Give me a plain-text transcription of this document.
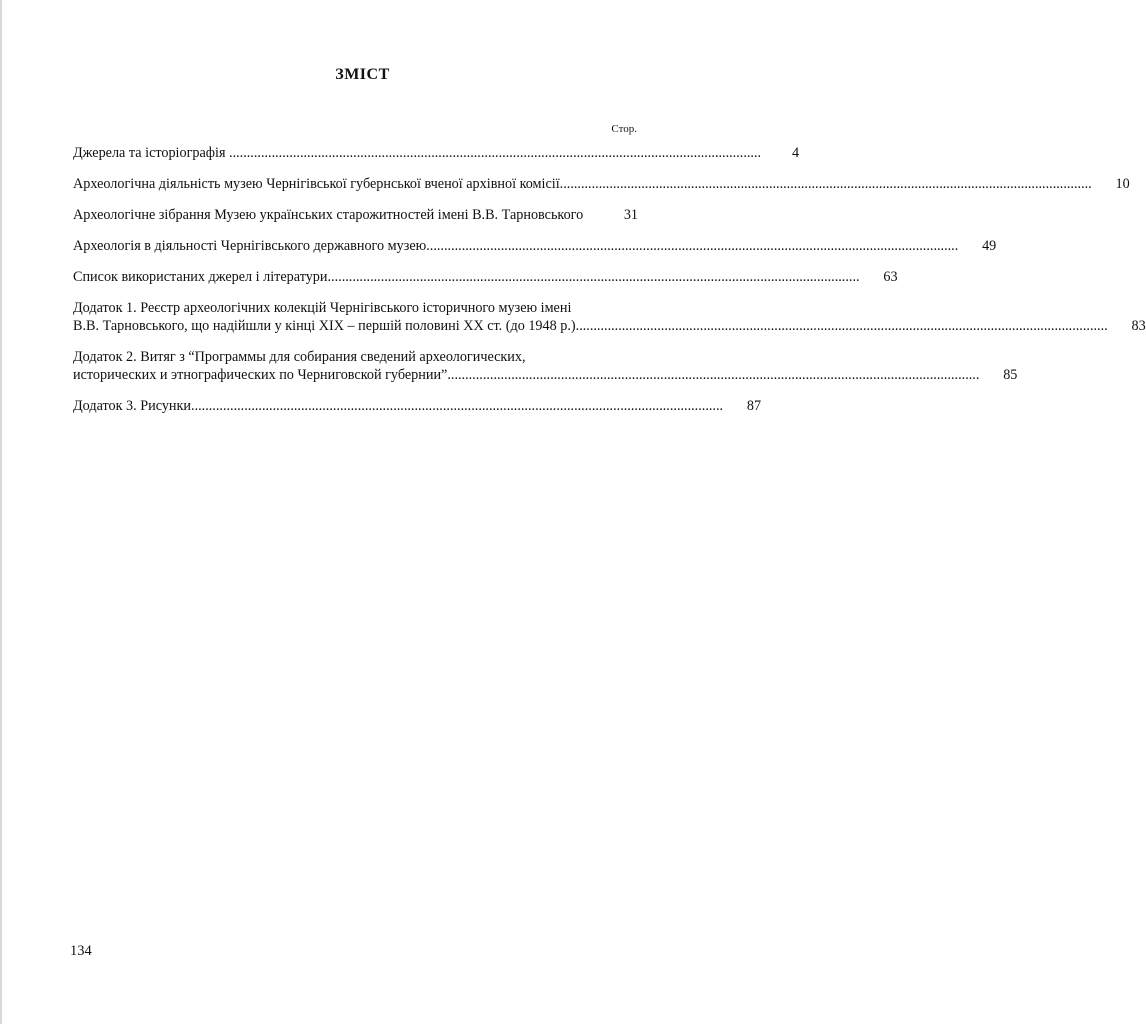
ЗМІСТ
Стор.
Джерела та історіографія ......................................................................................................................................................	4
Археологічна діяльність музею Чернігівської губернської вченої архівної комісії......................................................................................................................................................	10
Археологічне зібрання Музею українських старожитностей імені В.В. Тарновського	31
Археологія в діяльності Чернігівського державного музею......................................................................................................................................................	49
Список використаних джерел і літератури......................................................................................................................................................	63
Додаток 1. Реєстр археологічних колекцій Чернігівського історичного музею імені
В.В. Тарновського, що надійшли у кінці XIX – першій половині XX ст. (до 1948 р.)......................................................................................................................................................	83
Додаток 2. Витяг з “Программы для собирания сведений археологических,
исторических и этнографических по Черниговской губернии”......................................................................................................................................................	85
Додаток 3. Рисунки......................................................................................................................................................	87
134
